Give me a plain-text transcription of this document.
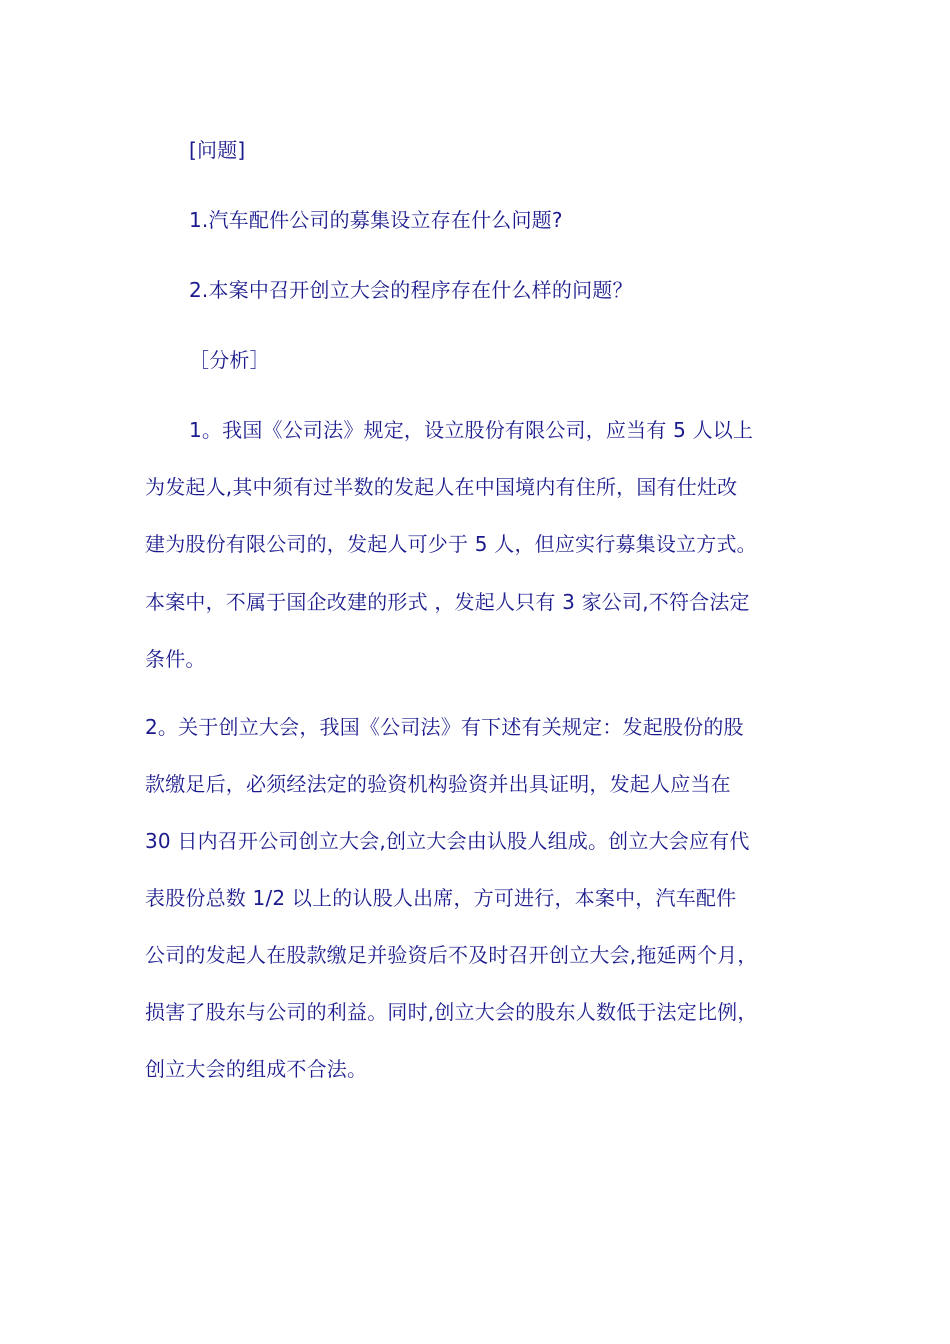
[问题]
1.汽车配件公司的募集设立存在什么问题?
2.本案中召开创立大会的程序存在什么样的问题？
［分析］
1。我国《公司法》规定，设立股份有限公司，应当有 5 人以上
为发起人,其中须有过半数的发起人在中国境内有住所，国有仕灶改
建为股份有限公司的，发起人可少于 5 人，但应实行募集设立方式。
本案中，不属于国企改建的形式 ，发起人只有 3 家公司,不符合法定
条件。
2。关于创立大会，我国《公司法》有下述有关规定：发起股份的股
款缴足后，必须经法定的验资机构验资并出具证明，发起人应当在
30 日内召开公司创立大会,创立大会由认股人组成。创立大会应有代
表股份总数 1/2 以上的认股人出席，方可进行，本案中，汽车配件
公司的发起人在股款缴足并验资后不及时召开创立大会,拖延两个月，
损害了股东与公司的利益。同时,创立大会的股东人数低于法定比例，
创立大会的组成不合法。
